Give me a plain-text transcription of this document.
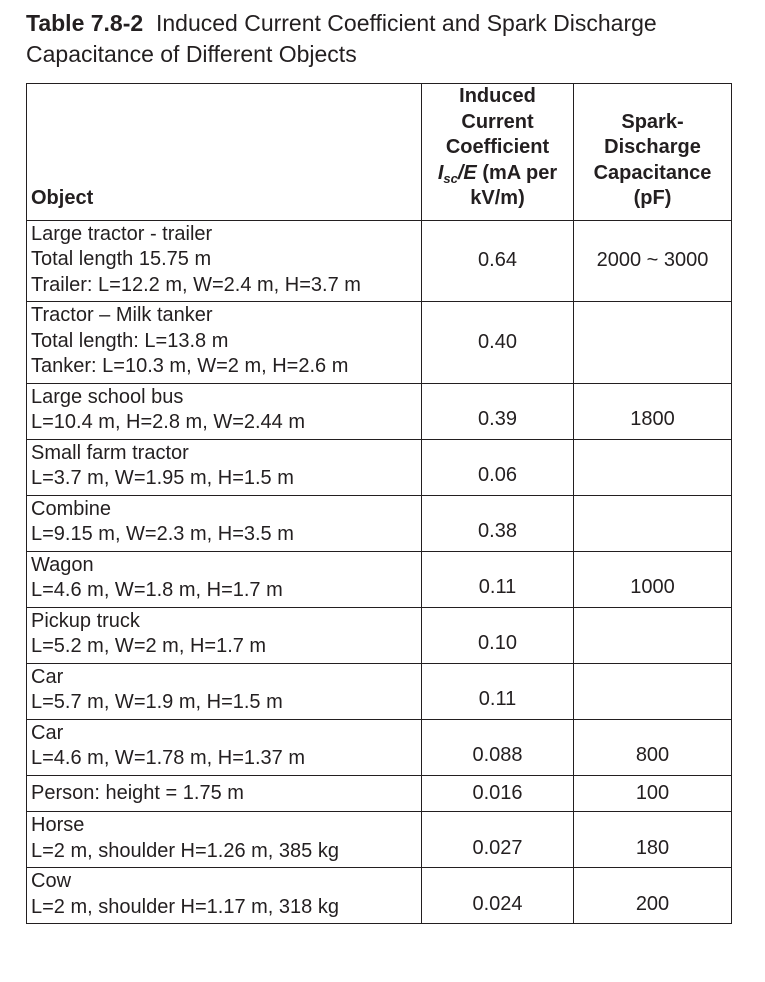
Table 7.8-2 Induced Current Coefficient and Spark Discharge Capacitance of Different Objects
Object	Induced
Current
Coefficient
$I_{sc}/E$ (mA per
kV/m)	Spark-
Discharge
Capacitance
(pF)

Large tractor - trailer
Total length 15.75 m
Trailer: L=12.2 m, W=2.4 m, H=3.7 m	0.64	2000 ~ 3000

Tractor – Milk tanker
Total length: L=13.8 m
Tanker: L=10.3 m, W=2 m, H=2.6 m	0.40	

Large school bus
L=10.4 m, H=2.8 m, W=2.44 m	0.39	1800

Small farm tractor
L=3.7 m, W=1.95 m, H=1.5 m	0.06	

Combine
L=9.15 m, W=2.3 m, H=3.5 m	0.38	

Wagon
L=4.6 m, W=1.8 m, H=1.7 m	0.11	1000

Pickup truck
L=5.2 m, W=2 m, H=1.7 m	0.10	

Car
L=5.7 m, W=1.9 m, H=1.5 m	0.11	

Car
L=4.6 m, W=1.78 m, H=1.37 m	0.088	800

Person: height = 1.75 m	0.016	100

Horse
L=2 m, shoulder H=1.26 m, 385 kg	0.027	180

Cow
L=2 m, shoulder H=1.17 m, 318 kg	0.024	200
